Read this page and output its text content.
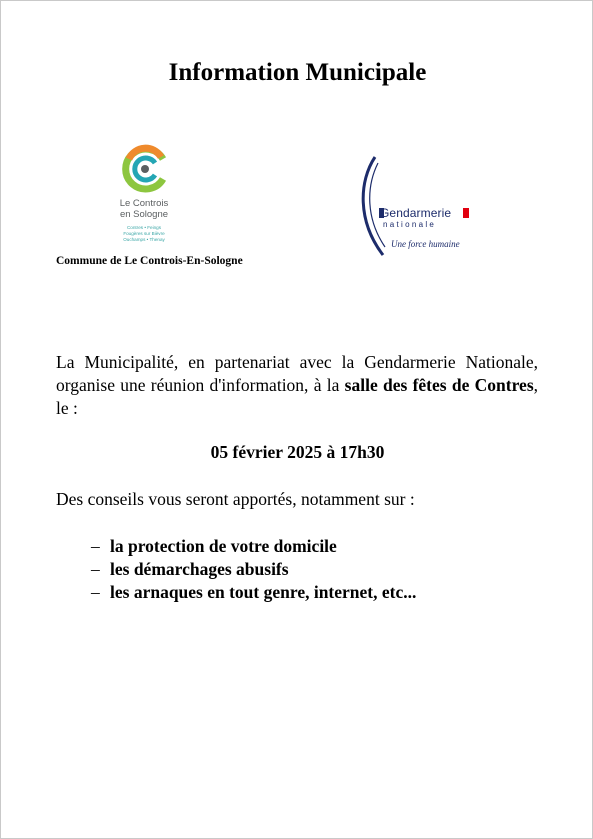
Information Municipale
Le Controis
en Sologne
Contres • Feings
Fougères sur Bièvre
Ouchamps • Thenay
Commune de Le Controis-En-Sologne
Gendarmerie
nationale
Une force humaine
La Municipalité, en partenariat avec la Gendarmerie Nationale, organise une réunion d'information, à la salle des fêtes de Contres, le :
05 février 2025 à 17h30
Des conseils vous seront apportés, notamment sur :
– la protection de votre domicile
– les démarchages abusifs
– les arnaques en tout genre, internet, etc...
